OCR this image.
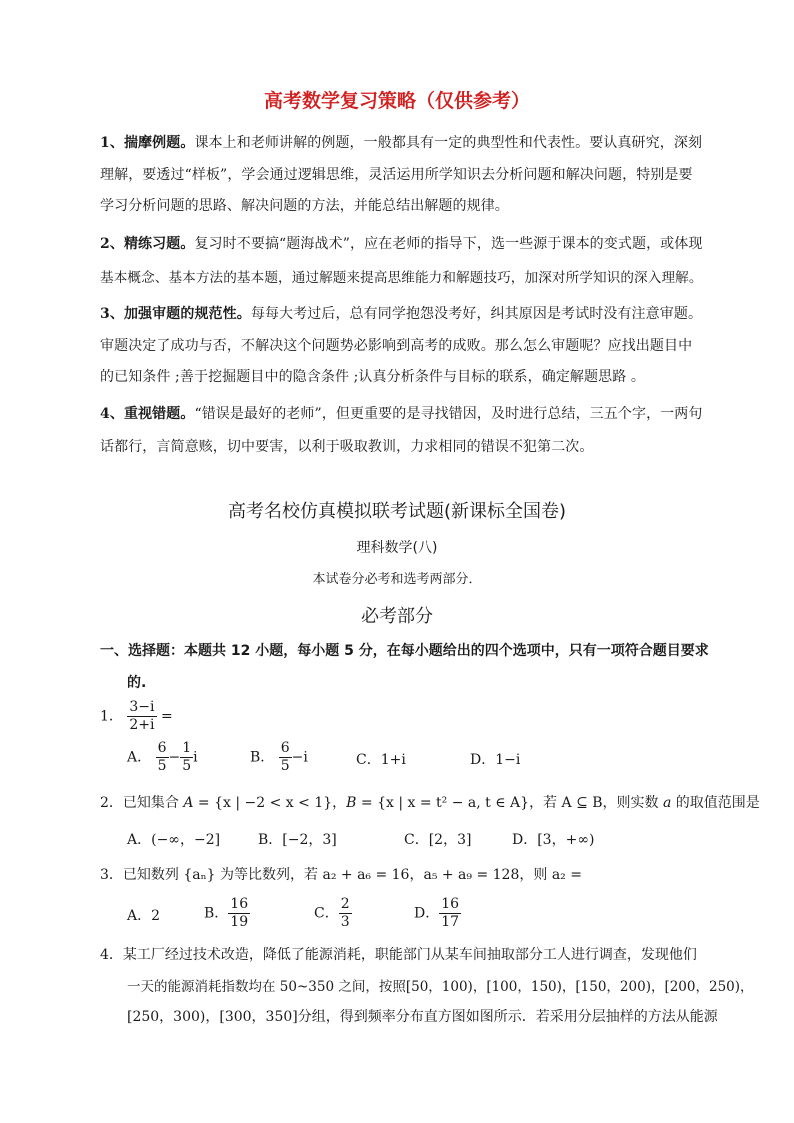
高考数学复习策略（仅供参考）
1、揣摩例题。课本上和老师讲解的例题，一般都具有一定的典型性和代表性。要认真研究，深刻
理解，要透过“样板”，学会通过逻辑思维，灵活运用所学知识去分析问题和解决问题，特别是要
学习分析问题的思路、解决问题的方法，并能总结出解题的规律。
2、精练习题。复习时不要搞“题海战术”，应在老师的指导下，选一些源于课本的变式题，或体现
基本概念、基本方法的基本题，通过解题来提高思维能力和解题技巧，加深对所学知识的深入理解。
3、加强审题的规范性。每每大考过后，总有同学抱怨没考好，纠其原因是考试时没有注意审题。
审题决定了成功与否，不解决这个问题势必影响到高考的成败。那么怎么审题呢？应找出题目中
的已知条件 ;善于挖掘题目中的隐含条件 ;认真分析条件与目标的联系，确定解题思路 。
4、重视错题。“错误是最好的老师”，但更重要的是寻找错因，及时进行总结，三五个字，一两句
话都行，言简意赅，切中要害，以利于吸取教训，力求相同的错误不犯第二次。
高考名校仿真模拟联考试题(新课标全国卷)
理科数学(八)
本试卷分必考和选考两部分．
必考部分
一、选择题：本题共 12 小题，每小题 5 分，在每小题给出的四个选项中，只有一项符合题目要求
的.
1． $\frac{3-i}{2+i}$ =
A． $\frac{6}{5} - \frac{1}{5}$ i	B． $\frac{6}{5} -i$	C．1+i	D．1−i
2．已知集合 A = {x | −2 < x < 1}，B = {x | x = t² − a, t ∈ A}，若 A ⊆ B，则实数 a 的取值范围是
A．(−∞，−2]	B．[−2，3]	C．[2，3]	D．[3，+∞)
3．已知数列 {aₙ} 为等比数列，若 a₂ + a₆ = 16，a₅ + a₉ = 128，则 a₂ =
A．2	B． $\frac{16}{19}$	C． $\frac{2}{3}$	D． $\frac{16}{17}$
4．某工厂经过技术改造，降低了能源消耗，职能部门从某车间抽取部分工人进行调查，发现他们
一天的能源消耗指数均在 50~350 之间，按照[50，100)，[100，150)，[150，200)，[200，250)，
[250，300)，[300，350]分组，得到频率分布直方图如图所示．若采用分层抽样的方法从能源
